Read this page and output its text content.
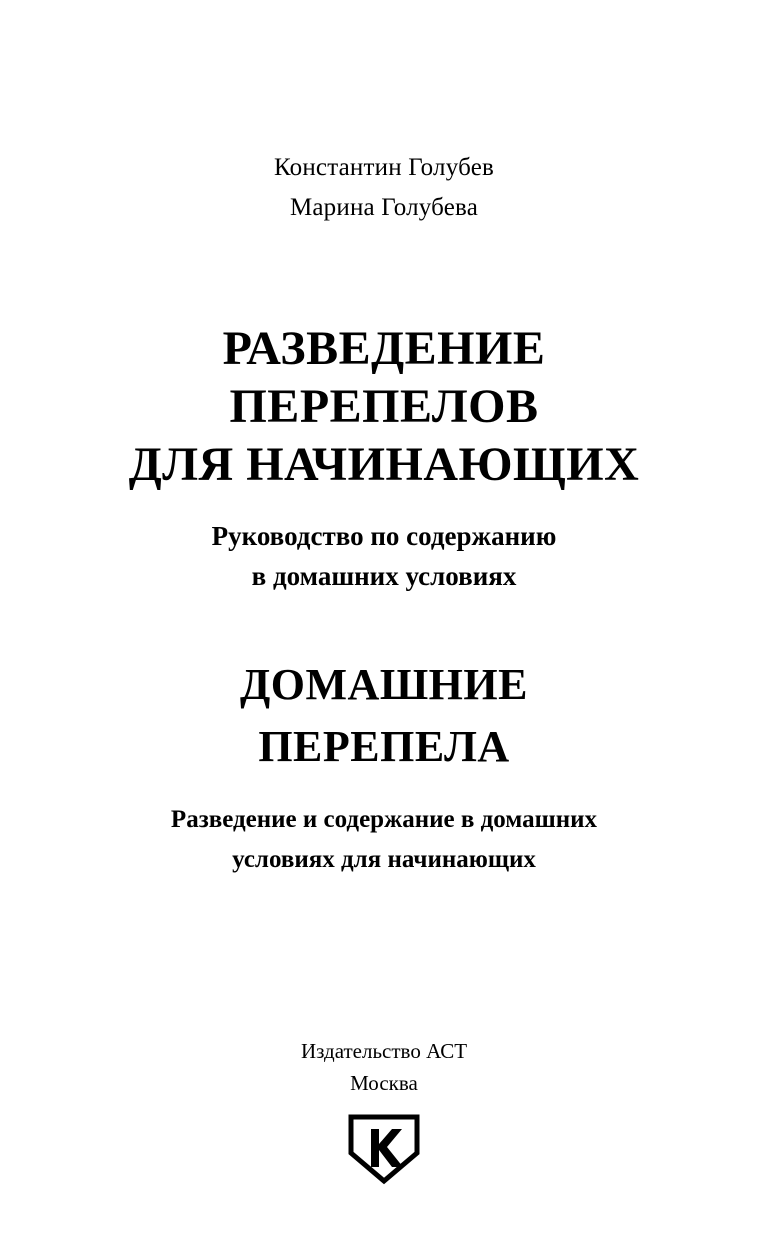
Константин Голубев
Марина Голубева
РАЗВЕДЕНИЕ
ПЕРЕПЕЛОВ
ДЛЯ НАЧИНАЮЩИХ
Руководство по содержанию
в домашних условиях
ДОМАШНИЕ
ПЕРЕПЕЛА
Разведение и содержание в домашних
условиях для начинающих
Издательство АСТ
Москва
